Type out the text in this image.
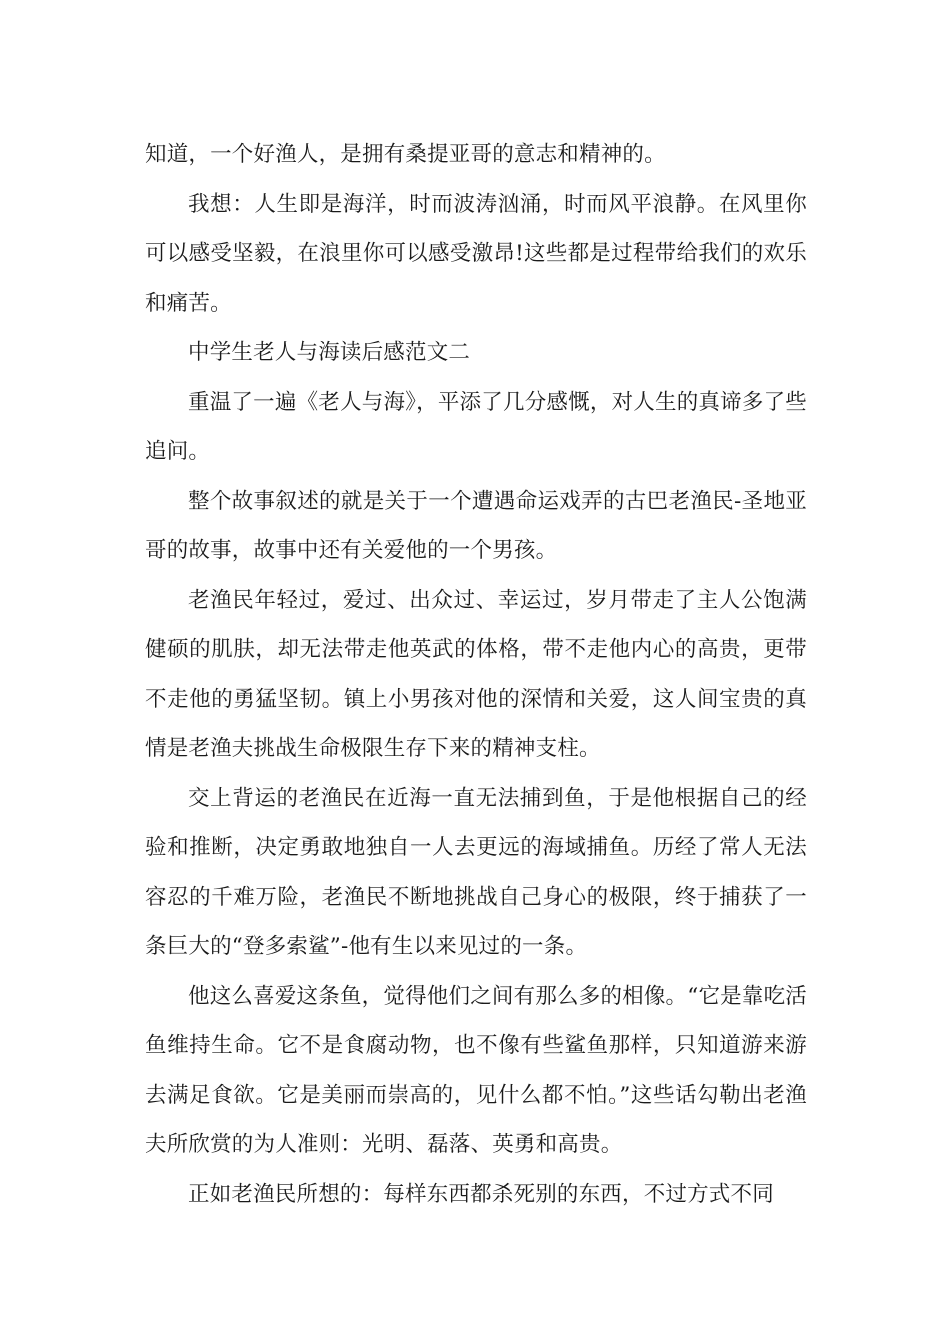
知道，一个好渔人，是拥有桑提亚哥的意志和精神的。

我想：人生即是海洋，时而波涛汹涌，时而风平浪静。在风里你可以感受坚毅，在浪里你可以感受激昂!这些都是过程带给我们的欢乐和痛苦。

中学生老人与海读后感范文二

重温了一遍《老人与海》，平添了几分感慨，对人生的真谛多了些追问。

整个故事叙述的就是关于一个遭遇命运戏弄的古巴老渔民-圣地亚哥的故事，故事中还有关爱他的一个男孩。

老渔民年轻过，爱过、出众过、幸运过，岁月带走了主人公饱满健硕的肌肤，却无法带走他英武的体格，带不走他内心的高贵，更带不走他的勇猛坚韧。镇上小男孩对他的深情和关爱，这人间宝贵的真情是老渔夫挑战生命极限生存下来的精神支柱。

交上背运的老渔民在近海一直无法捕到鱼，于是他根据自己的经验和推断，决定勇敢地独自一人去更远的海域捕鱼。历经了常人无法容忍的千难万险，老渔民不断地挑战自己身心的极限，终于捕获了一条巨大的“登多索鲨”-他有生以来见过的一条。

他这么喜爱这条鱼，觉得他们之间有那么多的相像。“它是靠吃活鱼维持生命。它不是食腐动物，也不像有些鲨鱼那样，只知道游来游去满足食欲。它是美丽而崇高的，见什么都不怕。”这些话勾勒出老渔夫所欣赏的为人准则：光明、磊落、英勇和高贵。

正如老渔民所想的：每样东西都杀死别的东西，不过方式不同
